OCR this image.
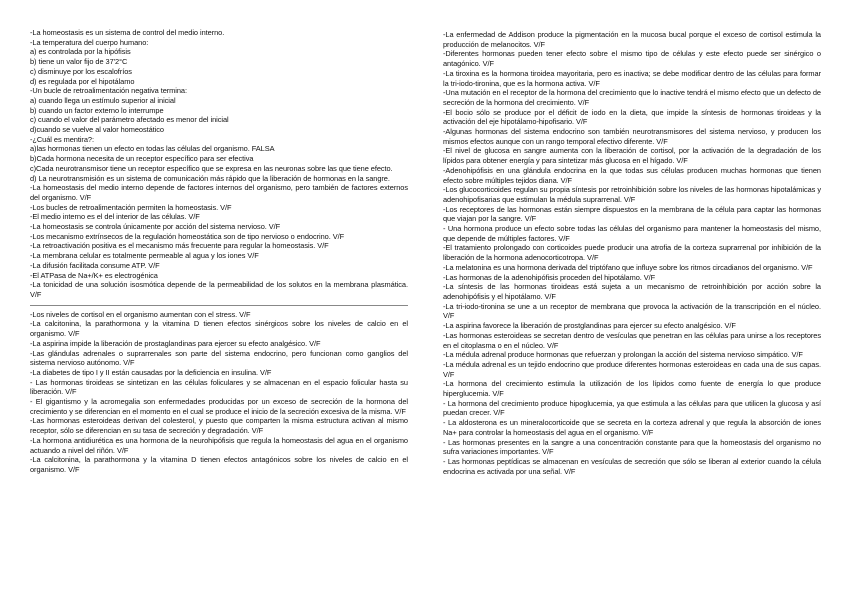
-La homeostasis es un sistema de control del medio interno.
-La temperatura del cuerpo humano:
a) es controlada por la hipófisis
b) tiene un valor fijo de 37'2°C
c) disminuye por los escalofríos
d) es regulada por el hipotálamo
-Un bucle de retroalimentación negativa termina:
a) cuando llega un estímulo superior al inicial
b) cuando un factor externo lo interrumpe
c) cuando el valor del parámetro afectado es menor del inicial
d)cuando se vuelve al valor homeostático
-¿Cuál es mentira?:
a)las hormonas tienen un efecto en todas las células del organismo. FALSA
b)Cada hormona necesita de un receptor específico para ser efectiva
c)Cada neurotransmisor tiene un receptor específico que se expresa en las neuronas sobre las que tiene efecto.
d) La neurotransmisión es un sistema de comunicación más rápido que la liberación de hormonas en la sangre.
-La homeostasis del medio interno depende de factores internos del organismo, pero también de factores externos del organismo. V/F
-Los bucles de retroalimentación permiten la homeostasis. V/F
-El medio interno es el del interior de las células. V/F
-La homeostasis se controla únicamente por acción del sistema nervioso. V/F
-Los mecanismo extrínsecos de la regulación homeostática son de tipo nervioso o endocrino. V/F
-La retroactivación positiva es el mecanismo más frecuente para regular la homeostasis. V/F
-La membrana celular es totalmente permeable al agua y los iones V/F
-La difusión facilitada consume ATP. V/F
-El ATPasa de Na+/K+ es electrogénica
-La tonicidad de una solución isosmótica depende de la permeabilidad de los solutos en la membrana plasmática. V/F
-Los niveles de cortisol en el organismo aumentan con el stress. V/F
-La calcitonina, la parathormona y la vitamina D tienen efectos sinérgicos sobre los niveles de calcio en el organismo. V/F
-La aspirina impide la liberación de prostaglandinas para ejercer su efecto analgésico. V/F
-Las glándulas adrenales o suprarrenales son parte del sistema endocrino, pero funcionan como ganglios del sistema nervioso autónomo. V/F
-La diabetes de tipo I y II están causadas por la deficiencia en insulina. V/F
- Las hormonas tiroideas se sintetizan en las células foliculares y se almacenan en el espacio folicular hasta su liberación. V/F
- El gigantismo y la acromegalia son enfermedades producidas por un exceso de secreción de la hormona del crecimiento y se diferencian en el momento en el cual se produce el inicio de la secreción excesiva de la misma. V/F
-Las hormonas esteroideas derivan del colesterol, y puesto que comparten la misma estructura activan al mismo receptor, sólo se diferencian en su tasa de secreción y degradación. V/F
-La hormona antidiurética es una hormona de la neurohipófisis que regula la homeostasis del agua en el organismo actuando a nivel del riñón. V/F
-La calcitonina, la parathormona y la vitamina D tienen efectos antagónicos sobre los niveles de calcio en el organismo. V/F
-La enfermedad de Addison produce la pigmentación en la mucosa bucal porque el exceso de cortisol estimula la producción de melanocitos. V/F
-Diferentes hormonas pueden tener efecto sobre el mismo tipo de células y este efecto puede ser sinérgico o antagónico. V/F
-La tiroxina es la hormona tiroidea mayoritaria, pero es inactiva; se debe modificar dentro de las células para formar la tri-iodo-tironina, que es la hormona activa. V/F
-Una mutación en el receptor de la hormona del crecimiento que lo inactive tendrá el mismo efecto que un defecto de secreción de la hormona del crecimiento. V/F
-El bocio sólo se produce por el déficit de iodo en la dieta, que impide la síntesis de hormonas tiroideas y la activación del eje hipotálamo-hipofisario. V/F
-Algunas hormonas del sistema endocrino son también neurotransmisores del sistema nervioso, y producen los mismos efectos aunque con un rango temporal efectivo diferente. V/F
-El nivel de glucosa en sangre aumenta con la liberación de cortisol, por la activación de la degradación de los lípidos para obtener energía y para sintetizar más glucosa en el hígado. V/F
-Adenohipófisis en una glándula endocrina en la que todas sus células producen muchas hormonas que tienen efecto sobre múltiples tejidos diana. V/F
-Los glucocorticoides regulan su propia síntesis por retroinhibición sobre los niveles de las hormonas hipotalámicas y adenohipofisarias que estimulan la médula suprarrenal. V/F
-Los receptores de las hormonas están siempre dispuestos en la membrana de la célula para captar las hormonas que viajan por la sangre. V/F
- Una hormona produce un efecto sobre todas las células del organismo para mantener la homeostasis del mismo, que depende de múltiples factores. V/F
-El tratamiento prolongado con corticoides puede producir una atrofia de la corteza suprarrenal por inhibición de la liberación de la hormona adenocorticotropa. V/F
-La melatonina es una hormona derivada del triptófano que influye sobre los ritmos circadianos del organismo. V/F
-Las hormonas de la adenohipófisis proceden del hipotálamo. V/F
-La síntesis de las hormonas tiroideas está sujeta a un mecanismo de retroinhibición por acción sobre la adenohipófisis y el hipotálamo. V/F
-La tri-iodo-tironina se une a un receptor de membrana que provoca la activación de la transcripción en el núcleo. V/F
-La aspirina favorece la liberación de prostglandinas para ejercer su efecto analgésico. V/F
-Las hormonas esteroideas se secretan dentro de vesículas que penetran en las células para unirse a los receptores en el citoplasma o en el núcleo. V/F
-La médula adrenal produce hormonas que refuerzan y prolongan la acción del sistema nervioso simpático. V/F
-La médula adrenal es un tejido endocrino que produce diferentes hormonas esteroideas en cada una de sus capas. V/F
-La hormona del crecimiento estimula la utilización de los lípidos como fuente de energía lo que produce hiperglucemia. V/F
- La hormona del crecimiento produce hipoglucemia, ya que estimula a las células para que utilicen la glucosa y así puedan crecer. V/F
- La aldosterona es un mineralocorticoide que se secreta en la corteza adrenal y que regula la absorción de iones Na+ para controlar la homeostasis del agua en el organismo. V/F
- Las hormonas presentes en la sangre a una concentración constante para que la homeostasis del organismo no sufra variaciones importantes. V/F
- Las hormonas peptídicas se almacenan en vesículas de secreción que sólo se liberan al exterior cuando la célula endocrina es activada por una señal. V/F
